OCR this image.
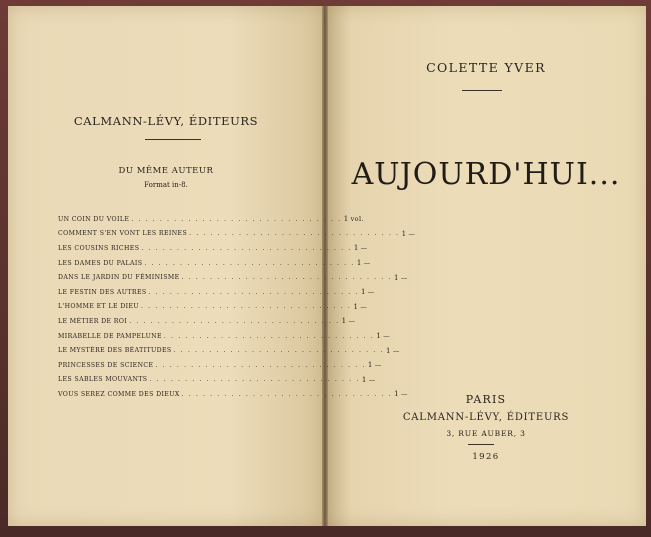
CALMANN-LÉVY, ÉDITEURS
DU MÊME AUTEUR
Format in-8.
UN COIN DU VOILE . . . . . . . . . . . . . . . . . . . . . . . . . . . . . . 1 vol.
COMMENT S'EN VONT LES REINES . . . . . . . . . . . . . . . . . . . . . . . . . . . . . . 1 —
LES COUSINS RICHES . . . . . . . . . . . . . . . . . . . . . . . . . . . . . . 1 —
LES DAMES DU PALAIS . . . . . . . . . . . . . . . . . . . . . . . . . . . . . . 1 —
DANS LE JARDIN DU FÉMINISME . . . . . . . . . . . . . . . . . . . . . . . . . . . . . . 1 —
LE FESTIN DES AUTRES . . . . . . . . . . . . . . . . . . . . . . . . . . . . . . 1 —
L'HOMME ET LE DIEU . . . . . . . . . . . . . . . . . . . . . . . . . . . . . . 1 —
LE MÉTIER DE ROI . . . . . . . . . . . . . . . . . . . . . . . . . . . . . . 1 —
MIRABELLE DE PAMPELUNE . . . . . . . . . . . . . . . . . . . . . . . . . . . . . . 1 —
LE MYSTÈRE DES BÉATITUDES . . . . . . . . . . . . . . . . . . . . . . . . . . . . . . 1 —
PRINCESSES DE SCIENCE . . . . . . . . . . . . . . . . . . . . . . . . . . . . . . 1 —
LES SABLES MOUVANTS . . . . . . . . . . . . . . . . . . . . . . . . . . . . . . 1 —
VOUS SEREZ COMME DES DIEUX . . . . . . . . . . . . . . . . . . . . . . . . . . . . . . 1 —
COLETTE YVER
AUJOURD'HUI...
PARIS
CALMANN-LÉVY, ÉDITEURS
3, RUE AUBER, 3
1926
